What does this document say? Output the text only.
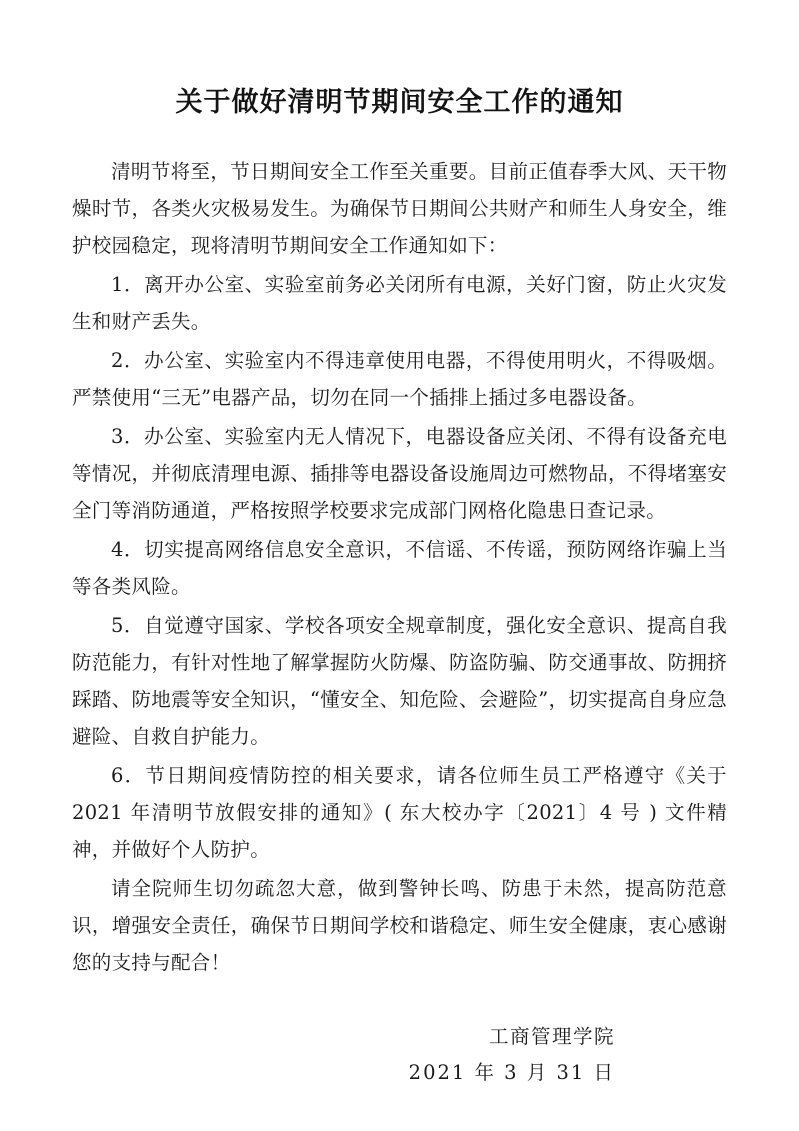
关于做好清明节期间安全工作的通知

清明节将至，节日期间安全工作至关重要。目前正值春季大风、天干物燥时节，各类火灾极易发生。为确保节日期间公共财产和师生人身安全，维护校园稳定，现将清明节期间安全工作通知如下：

1．离开办公室、实验室前务必关闭所有电源，关好门窗，防止火灾发生和财产丢失。

2．办公室、实验室内不得违章使用电器，不得使用明火，不得吸烟。严禁使用“三无”电器产品，切勿在同一个插排上插过多电器设备。

3．办公室、实验室内无人情况下，电器设备应关闭、不得有设备充电等情况，并彻底清理电源、插排等电器设备设施周边可燃物品，不得堵塞安全门等消防通道，严格按照学校要求完成部门网格化隐患日查记录。

4．切实提高网络信息安全意识，不信谣、不传谣，预防网络诈骗上当等各类风险。

5．自觉遵守国家、学校各项安全规章制度，强化安全意识、提高自我防范能力，有针对性地了解掌握防火防爆、防盗防骗、防交通事故、防拥挤踩踏、防地震等安全知识，“懂安全、知危险、会避险”，切实提高自身应急避险、自救自护能力。

6．节日期间疫情防控的相关要求，请各位师生员工严格遵守《关于 2021 年清明节放假安排的通知》( 东大校办字〔2021〕4 号 ) 文件精神，并做好个人防护。

请全院师生切勿疏忽大意，做到警钟长鸣、防患于未然，提高防范意识，增强安全责任，确保节日期间学校和谐稳定、师生安全健康，衷心感谢您的支持与配合！

工商管理学院
2021 年 3 月 31 日
